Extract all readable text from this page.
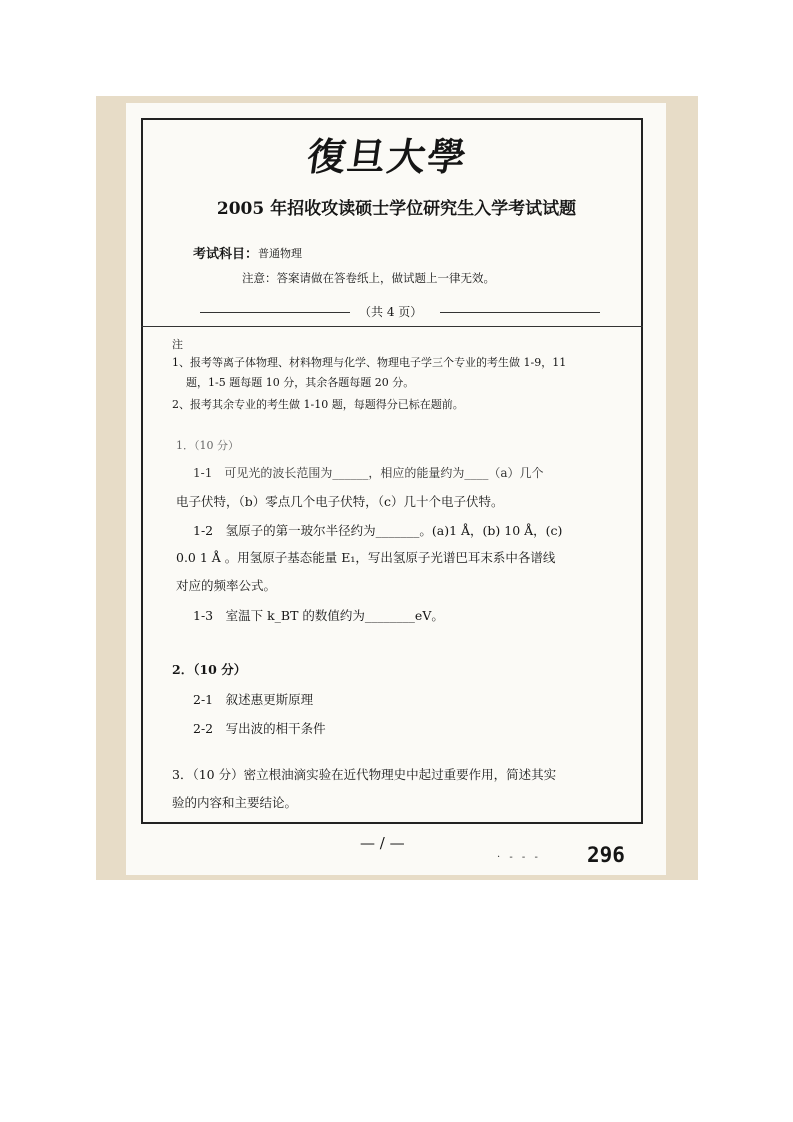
復旦大學
2005 年招收攻读硕士学位研究生入学考试试题
考试科目： 普通物理
注意：答案请做在答卷纸上，做试题上一律无效。
（共 4 页）
注
1、报考等离子体物理、材料物理与化学、物理电子学三个专业的考生做 1-9，11
题，1-5 题每题 10 分，其余各题每题 20 分。
2、报考其余专业的考生做 1-10 题，每题得分已标在题前。
1．（10 分）
1-1　可见光的波长范围为______，相应的能量约为____（a）几个
电子伏特，（b）零点几个电子伏特，（c）几十个电子伏特。
1-2　氢原子的第一玻尔半径约为_______。(a)1 Å，(b) 10 Å，(c)
0.0 1 Å 。用氢原子基态能量 E₁，写出氢原子光谱巴耳末系中各谱线
对应的频率公式。
1-3　室温下 k_BT 的数值约为________eV。
2．（10 分）
2-1　叙述惠更斯原理
2-2　写出波的相干条件
3．（10 分）密立根油滴实验在近代物理史中起过重要作用，简述其实
验的内容和主要结论。
— / —
· - - - 296
